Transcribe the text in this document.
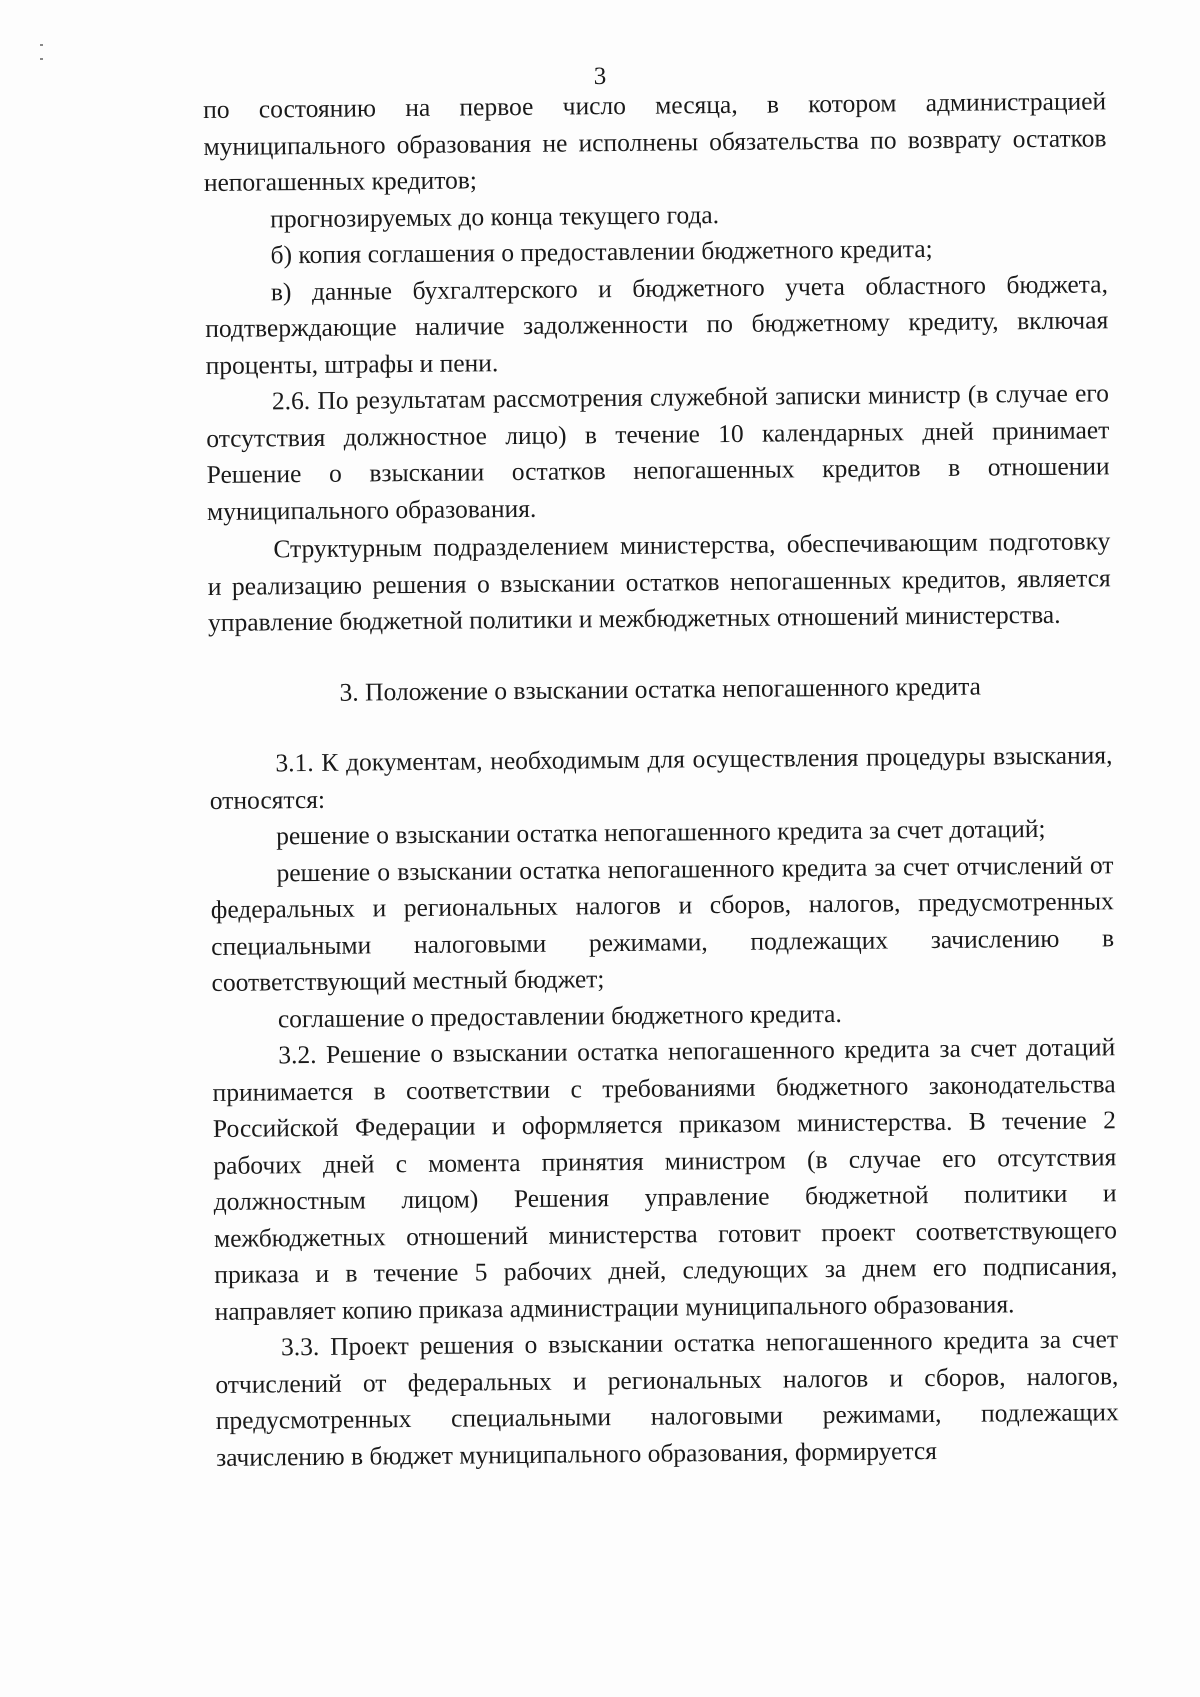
3

по состоянию на первое число месяца, в котором администрацией муниципального образования не исполнены обязательства по возврату остатков непогашенных кредитов;

прогнозируемых до конца текущего года.

б) копия соглашения о предоставлении бюджетного кредита;

в) данные бухгалтерского и бюджетного учета областного бюджета, подтверждающие наличие задолженности по бюджетному кредиту, включая проценты, штрафы и пени.

2.6. По результатам рассмотрения служебной записки министр (в случае его отсутствия должностное лицо) в течение 10 календарных дней принимает Решение о взыскании остатков непогашенных кредитов в отношении муниципального образования.

Структурным подразделением министерства, обеспечивающим подготовку и реализацию решения о взыскании остатков непогашенных кредитов, является управление бюджетной политики и межбюджетных отношений министерства.

3. Положение о взыскании остатка непогашенного кредита

3.1. К документам, необходимым для осуществления процедуры взыскания, относятся:

решение о взыскании остатка непогашенного кредита за счет дотаций;

решение о взыскании остатка непогашенного кредита за счет отчислений от федеральных и региональных налогов и сборов, налогов, предусмотренных специальными налоговыми режимами, подлежащих зачислению в соответствующий местный бюджет;

соглашение о предоставлении бюджетного кредита.

3.2. Решение о взыскании остатка непогашенного кредита за счет дотаций принимается в соответствии с требованиями бюджетного законодательства Российской Федерации и оформляется приказом министерства. В течение 2 рабочих дней с момента принятия министром (в случае его отсутствия должностным лицом) Решения управление бюджетной политики и межбюджетных отношений министерства готовит проект соответствующего приказа и в течение 5 рабочих дней, следующих за днем его подписания, направляет копию приказа администрации муниципального образования.

3.3. Проект решения о взыскании остатка непогашенного кредита за счет отчислений от федеральных и региональных налогов и сборов, налогов, предусмотренных специальными налоговыми режимами, подлежащих зачислению в бюджет муниципального образования, формируется
